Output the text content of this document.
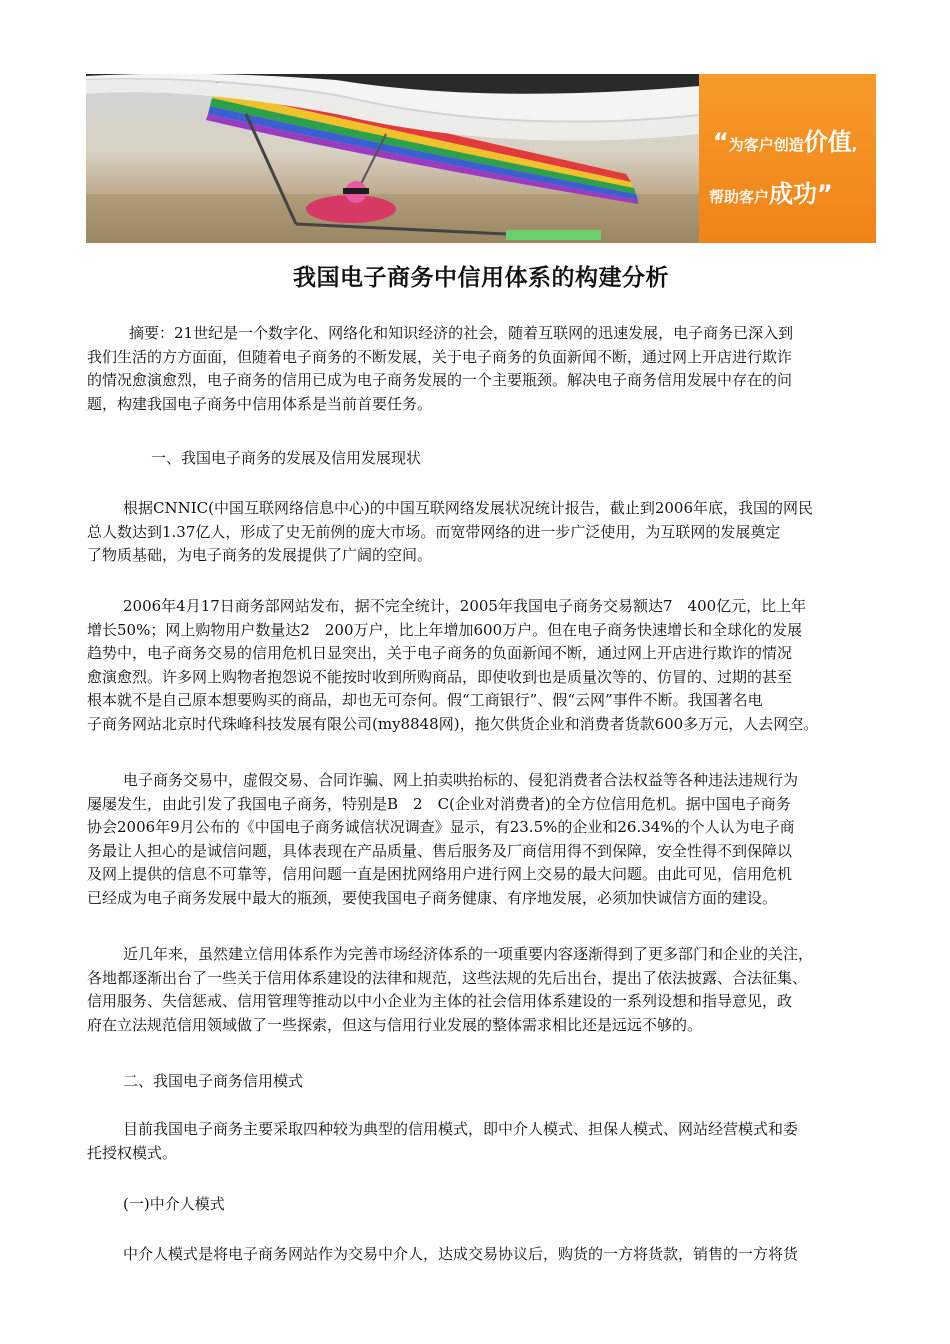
“为客户创造价值,
帮助客户成功”
我国电子商务中信用体系的构建分析
摘要：21世纪是一个数字化、网络化和知识经济的社会，随着互联网的迅速发展，电子商务已深入到
我们生活的方方面面，但随着电子商务的不断发展，关于电子商务的负面新闻不断，通过网上开店进行欺诈
的情况愈演愈烈，电子商务的信用已成为电子商务发展的一个主要瓶颈。解决电子商务信用发展中存在的问
题，构建我国电子商务中信用体系是当前首要任务。
一、我国电子商务的发展及信用发展现状
根据CNNIC(中国互联网络信息中心)的中国互联网络发展状况统计报告，截止到2006年底，我国的网民
总人数达到1.37亿人，形成了史无前例的庞大市场。而宽带网络的进一步广泛使用，为互联网的发展奠定
了物质基础，为电子商务的发展提供了广阔的空间。
2006年4月17日商务部网站发布，据不完全统计，2005年我国电子商务交易额达7　400亿元，比上年
增长50%；网上购物用户数量达2　200万户，比上年增加600万户。但在电子商务快速增长和全球化的发展
趋势中，电子商务交易的信用危机日显突出，关于电子商务的负面新闻不断，通过网上开店进行欺诈的情况
愈演愈烈。许多网上购物者抱怨说不能按时收到所购商品，即使收到也是质量次等的、仿冒的、过期的甚至
根本就不是自己原本想要购买的商品，却也无可奈何。假“工商银行”、假“云网”事件不断。我国著名电
子商务网站北京时代珠峰科技发展有限公司(my8848网)，拖欠供货企业和消费者货款600多万元，人去网空。
电子商务交易中，虚假交易、合同诈骗、网上拍卖哄抬标的、侵犯消费者合法权益等各种违法违规行为
屡屡发生，由此引发了我国电子商务，特别是B　2　C(企业对消费者)的全方位信用危机。据中国电子商务
协会2006年9月公布的《中国电子商务诚信状况调查》显示，有23.5%的企业和26.34%的个人认为电子商
务最让人担心的是诚信问题，具体表现在产品质量、售后服务及厂商信用得不到保障，安全性得不到保障以
及网上提供的信息不可靠等，信用问题一直是困扰网络用户进行网上交易的最大问题。由此可见，信用危机
已经成为电子商务发展中最大的瓶颈，要使我国电子商务健康、有序地发展，必须加快诚信方面的建设。
近几年来，虽然建立信用体系作为完善市场经济体系的一项重要内容逐渐得到了更多部门和企业的关注，
各地都逐渐出台了一些关于信用体系建设的法律和规范，这些法规的先后出台，提出了依法披露、合法征集、
信用服务、失信惩戒、信用管理等推动以中小企业为主体的社会信用体系建设的一系列设想和指导意见，政
府在立法规范信用领域做了一些探索，但这与信用行业发展的整体需求相比还是远远不够的。
二、我国电子商务信用模式
目前我国电子商务主要采取四种较为典型的信用模式，即中介人模式、担保人模式、网站经营模式和委
托授权模式。
(一)中介人模式
中介人模式是将电子商务网站作为交易中介人，达成交易协议后，购货的一方将货款，销售的一方将货
